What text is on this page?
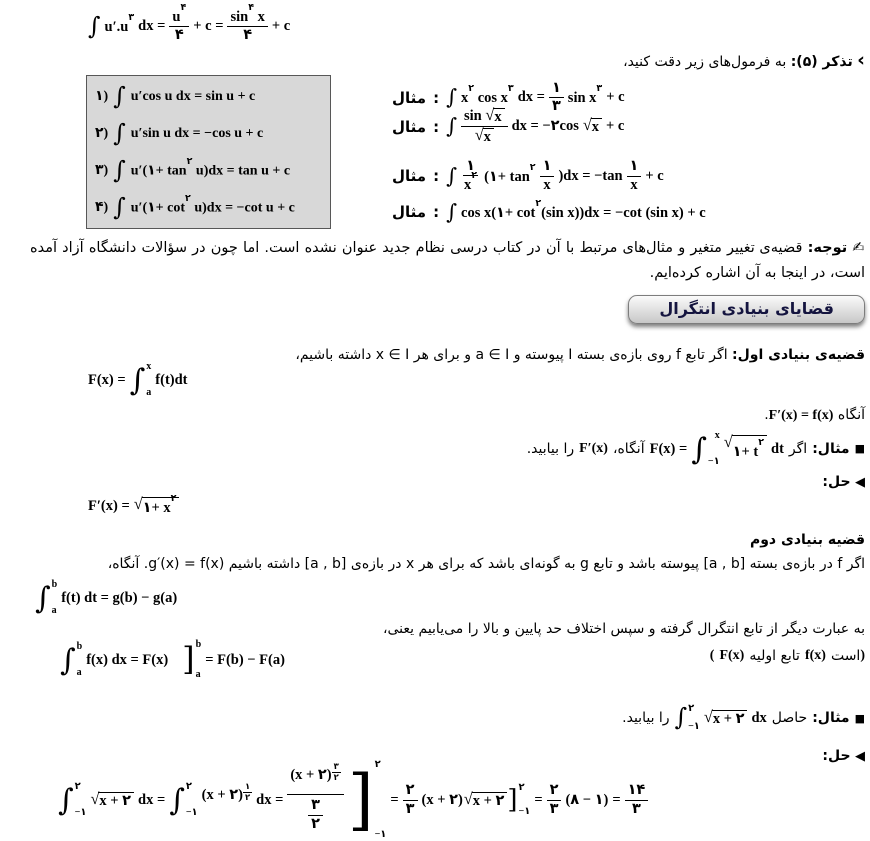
∫ $u'.u^۳$ dx = $\frac{u^۴}{۴} + c = \frac{\sin^۴ x}{۴} + c$
› تذکر (۵): به فرمول‌های زیر دقت کنید،
۱) ∫ u′cos u dx = sin u + c
۲) ∫ u′sin u dx = −cos u + c
۳) ∫ u′(۱+ $\tan^۲ u)dx = \tan u + c$
۴) ∫ u′(۱+ $\cot^۲ u)dx = -\cot$ u + c
مثال : ∫ $x^۲$ $\cos x^۳$ dx = $\frac{۱}{۳}$ $\sin x^۳ + c$
مثال : ∫ $\frac{\sin √ x}{√ x}$ dx = −۲cos √ x + c
مثال : ∫ $\frac{۱}{x^۲}$ (۱+ $\tan^۲ \frac{۱}{x} )dx = -\tan \frac{۱}{x} + c$
مثال : ∫ cos x(۱+ $\cot^۲(\sin$ x))dx = −cot (sin x) + c
✍ توجه: قضیه‌ی تغییر متغیر و مثال‌های مرتبط با آن در کتاب درسی نظام جدید عنوان نشده است. اما چون در سؤالات دانشگاه آزاد آمده است، در اینجا به آن اشاره کرده‌ایم.
قضایای بنیادی انتگرال
قضیه‌ی بنیادی اول: اگر تابع ‎f‎ روی بازه‌ی بسته ‎I‎ پیوسته و ‎a ∈ I‎ و برای هر ‎x ∈ I‎ داشته باشیم،
F(x) = ∫ x
a
f(t)dt
آنگاه F′(x) = f(x).
■
مثال:
اگر
F(x) = ∫ x
−۱
√
۱+ $t^۲$ dt
آنگاه،
F′(x)
را بیابید.
◀ حل:
F′(x) = √ ۱+ $x^۲$
قضیه بنیادی دوم
اگر ‎f‎ در بازه‌ی بسته ‎[a , b]‎ پیوسته باشد و تابع ‎g‎ به گونه‌ای باشد که برای هر ‎x‎ در بازه‌ی ‎[a , b]‎ داشته باشیم ‎g′(x) = f(x)‎. آنگاه،
∫ b
a
f(t) dt = g(b) − g(a)
به عبارت دیگر از تابع انتگرال گرفته و سپس اختلاف حد پایین و بالا را می‌یابیم یعنی،
∫ b
a
f(x) dx = F(x) ] b
a
= F(b) − F(a)	( F(x) تابع اولیه f(x) است )
■
مثال:
حاصل
∫ ۲
−۱
√ x + ۲ dx
را بیابید.
◀ حل:
∫ ۲
−۱
√ x + ۲ dx = ∫ ۲
−۱
(x + ۲)
۱
۲ dx = (x + ۲)
۳
۲
$\frac{۳}{۲}$ ] ۲
−۱
= $\frac{۲}{۳} (x$ + ۲) √ x + ۲ ] ۲
−۱
= $\frac{۲}{۳}$ (۸ − ۱) = $\frac{۱۴}{۳}$
